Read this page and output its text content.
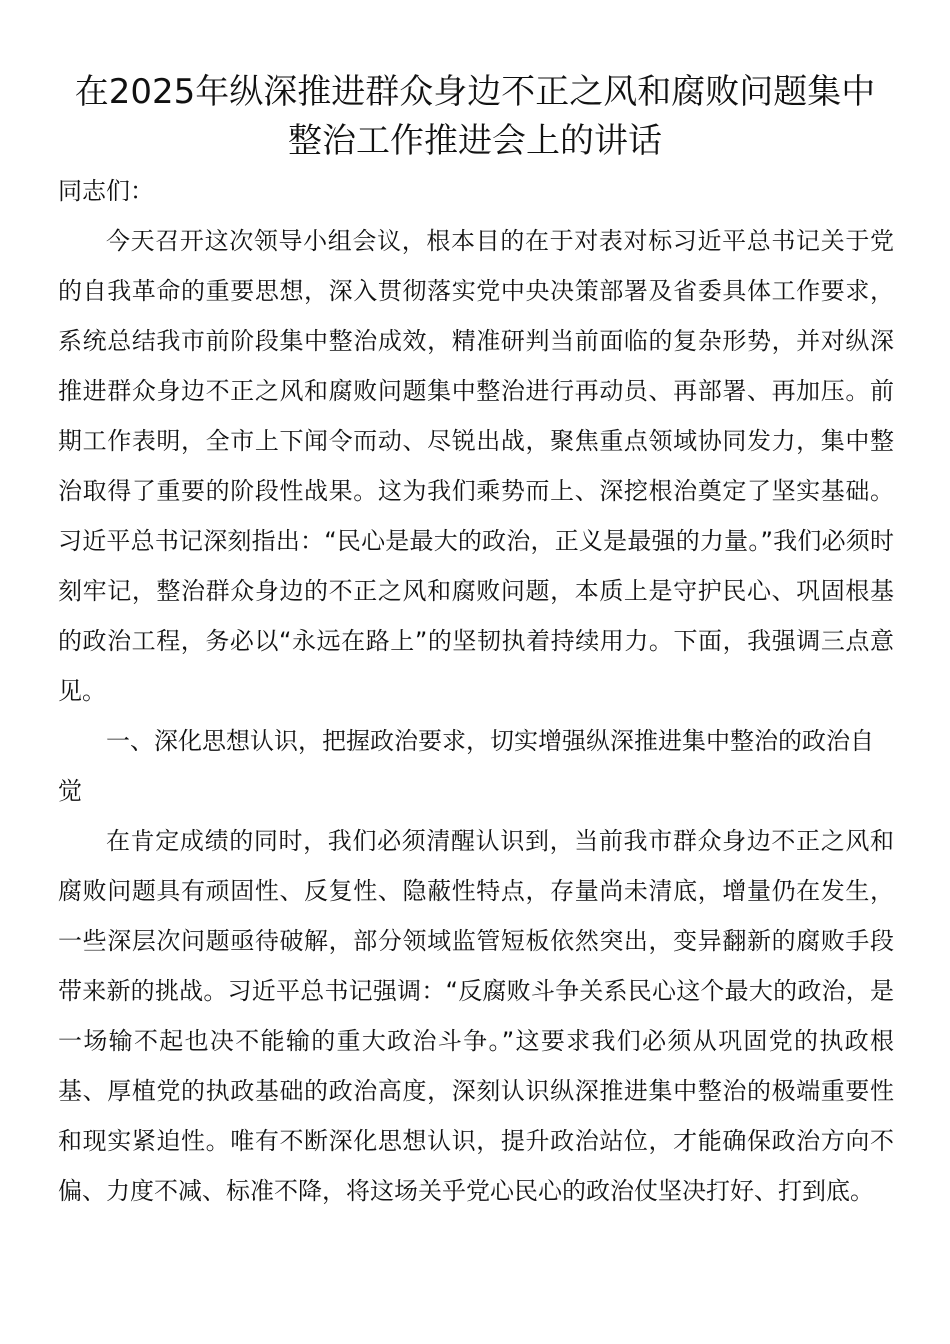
在2025年纵深推进群众身边不正之风和腐败问题集中整治工作推进会上的讲话

同志们：

今天召开这次领导小组会议，根本目的在于对表对标习近平总书记关于党的自我革命的重要思想，深入贯彻落实党中央决策部署及省委具体工作要求，系统总结我市前阶段集中整治成效，精准研判当前面临的复杂形势，并对纵深推进群众身边不正之风和腐败问题集中整治进行再动员、再部署、再加压。前期工作表明，全市上下闻令而动、尽锐出战，聚焦重点领域协同发力，集中整治取得了重要的阶段性战果。这为我们乘势而上、深挖根治奠定了坚实基础。习近平总书记深刻指出：“民心是最大的政治，正义是最强的力量。”我们必须时刻牢记，整治群众身边的不正之风和腐败问题，本质上是守护民心、巩固根基的政治工程，务必以“永远在路上”的坚韧执着持续用力。下面，我强调三点意见。

一、深化思想认识，把握政治要求，切实增强纵深推进集中整治的政治自觉

在肯定成绩的同时，我们必须清醒认识到，当前我市群众身边不正之风和腐败问题具有顽固性、反复性、隐蔽性特点，存量尚未清底，增量仍在发生，一些深层次问题亟待破解，部分领域监管短板依然突出，变异翻新的腐败手段带来新的挑战。习近平总书记强调：“反腐败斗争关系民心这个最大的政治，是一场输不起也决不能输的重大政治斗争。”这要求我们必须从巩固党的执政根基、厚植党的执政基础的政治高度，深刻认识纵深推进集中整治的极端重要性和现实紧迫性。唯有不断深化思想认识，提升政治站位，才能确保政治方向不偏、力度不减、标准不降，将这场关乎党心民心的政治仗坚决打好、打到底。
